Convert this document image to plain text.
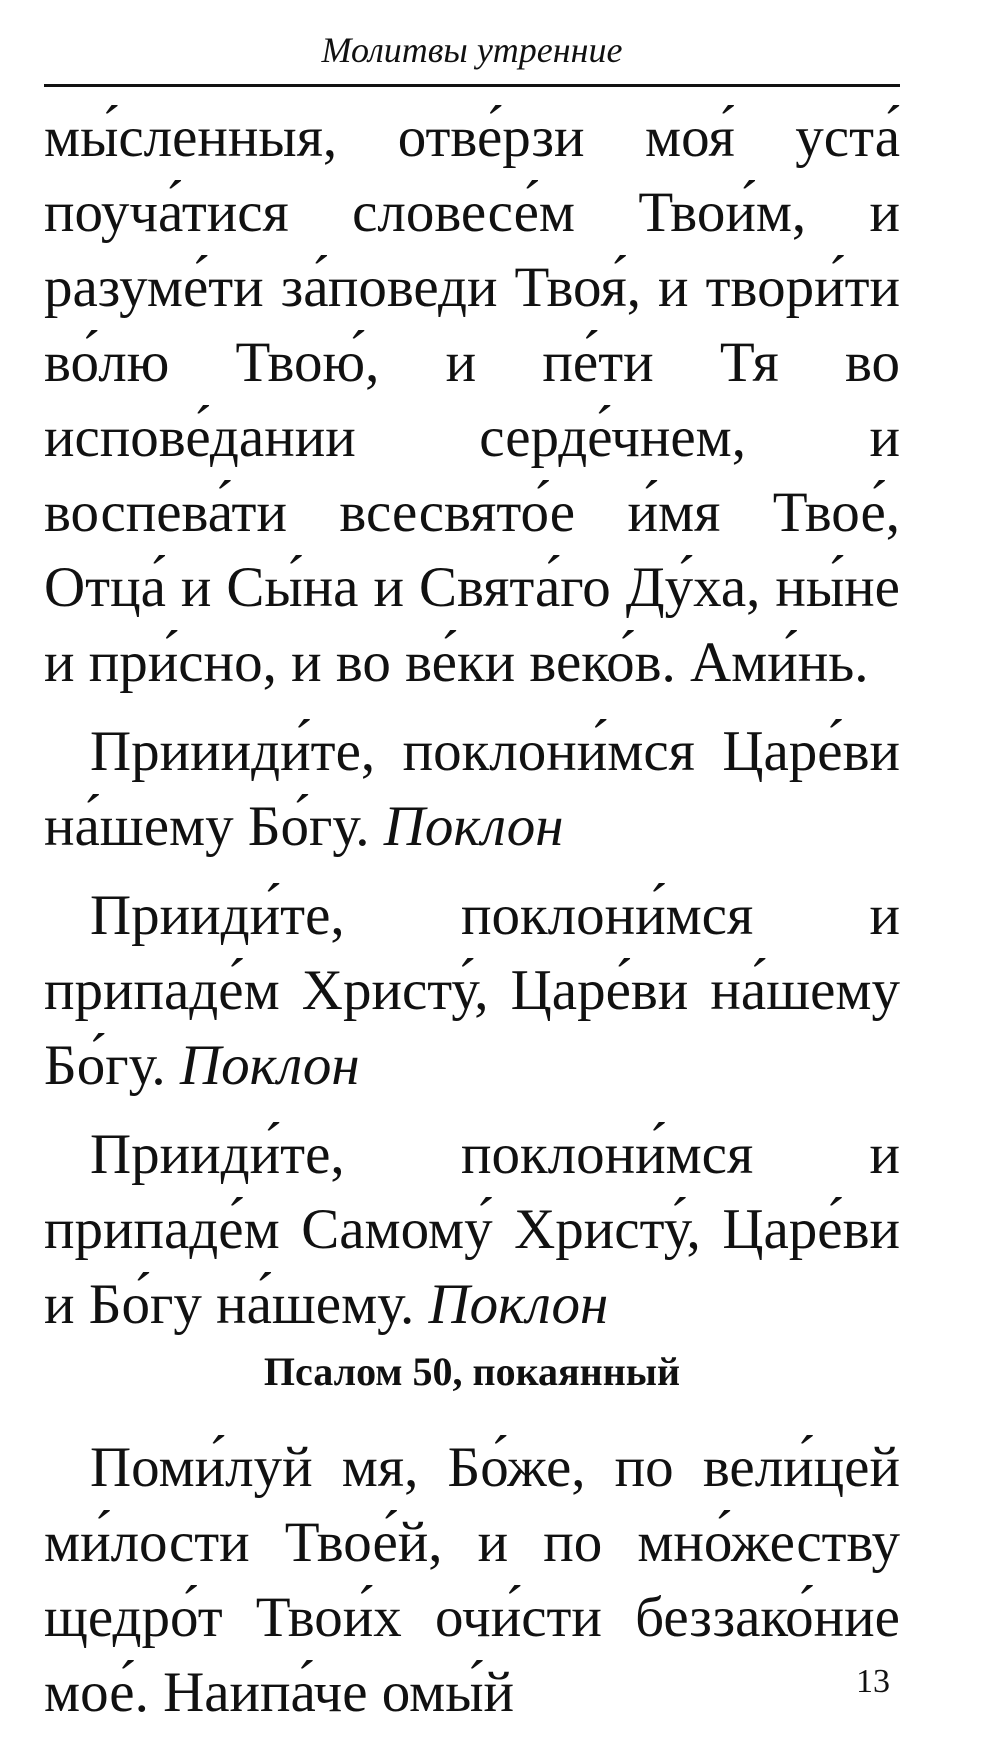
Молитвы утренние

мы́сленныя, отве́рзи моя́ уста́ поуча́тися словесе́м Твои́м, и разуме́ти за́поведи Твоя́, и твори́ти во́лю Твою́, и пе́ти Тя во испове́дании серде́чнем, и воспева́ти всесвято́е и́мя Твое́, Отца́ и Сы́на и Свята́го Ду́ха, ны́не и при́сно, и во ве́ки веко́в. Ами́нь.

Приииди́те, поклони́мся Царе́ви на́шему Бо́гу. Поклон

Прииди́те, поклони́мся и припаде́м Христу́, Царе́ви на́шему Бо́гу. Поклон

Прииди́те, поклони́мся и припаде́м Самому́ Христу́, Царе́ви и Бо́гу на́шему. Поклон

Псалом 50, покаянный

Поми́луй мя, Бо́же, по вели́цей ми́лости Твое́й, и по мно́жеству щедро́т Твои́х очи́сти беззако́ние мое́. Наипа́че омы́й	13
